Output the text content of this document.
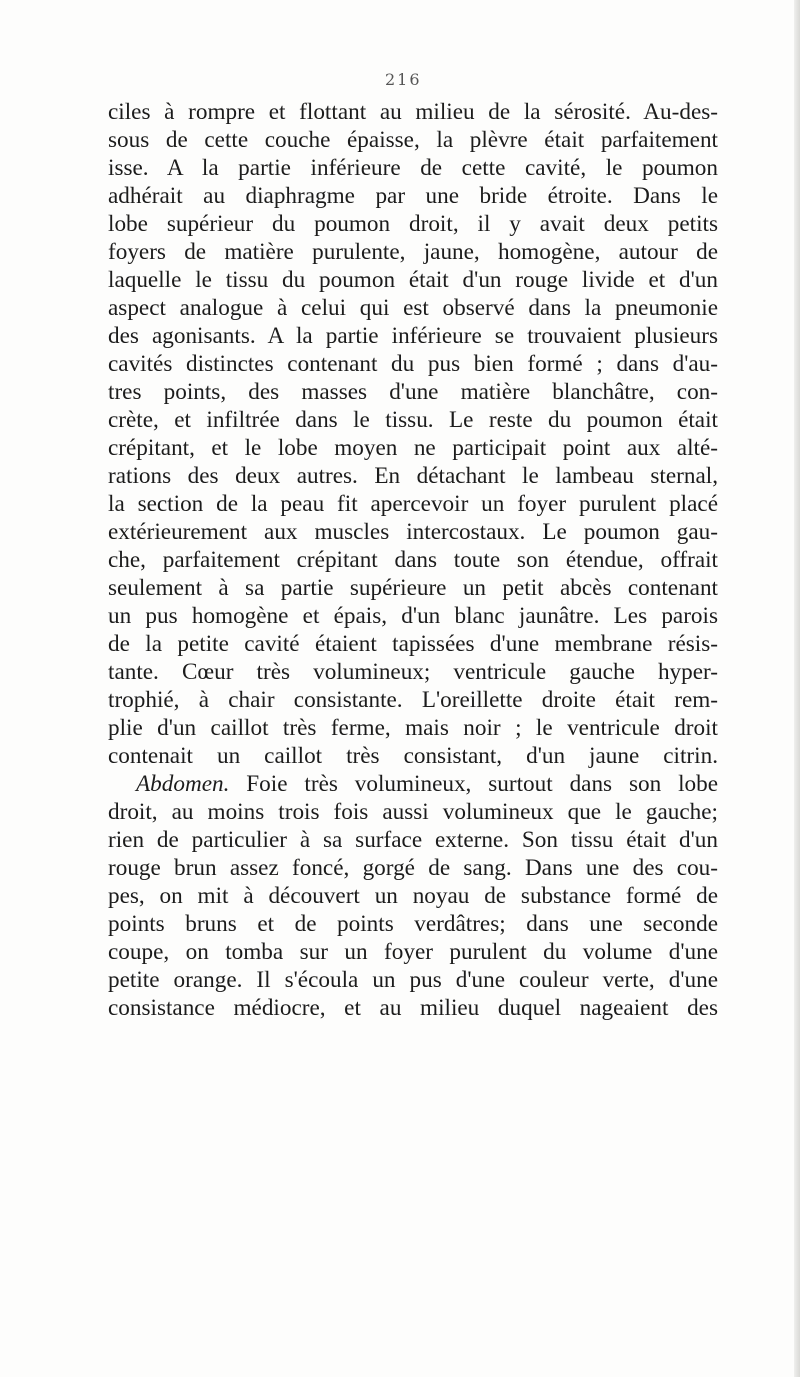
216
ciles à rompre et flottant au milieu de la sérosité. Au-des-
sous de cette couche épaisse, la plèvre était parfaitement
isse. A la partie inférieure de cette cavité, le poumon
adhérait au diaphragme par une bride étroite. Dans le
lobe supérieur du poumon droit, il y avait deux petits
foyers de matière purulente, jaune, homogène, autour de
laquelle le tissu du poumon était d'un rouge livide et d'un
aspect analogue à celui qui est observé dans la pneumonie
des agonisants. A la partie inférieure se trouvaient plusieurs
cavités distinctes contenant du pus bien formé ; dans d'au-
tres points, des masses d'une matière blanchâtre, con-
crète, et infiltrée dans le tissu. Le reste du poumon était
crépitant, et le lobe moyen ne participait point aux alté-
rations des deux autres. En détachant le lambeau sternal,
la section de la peau fit apercevoir un foyer purulent placé
extérieurement aux muscles intercostaux. Le poumon gau-
che, parfaitement crépitant dans toute son étendue, offrait
seulement à sa partie supérieure un petit abcès contenant
un pus homogène et épais, d'un blanc jaunâtre. Les parois
de la petite cavité étaient tapissées d'une membrane résis-
tante. Cœur très volumineux; ventricule gauche hyper-
trophié, à chair consistante. L'oreillette droite était rem-
plie d'un caillot très ferme, mais noir ; le ventricule droit
contenait un caillot très consistant, d'un jaune citrin.
Abdomen. Foie très volumineux, surtout dans son lobe
droit, au moins trois fois aussi volumineux que le gauche;
rien de particulier à sa surface externe. Son tissu était d'un
rouge brun assez foncé, gorgé de sang. Dans une des cou-
pes, on mit à découvert un noyau de substance formé de
points bruns et de points verdâtres; dans une seconde
coupe, on tomba sur un foyer purulent du volume d'une
petite orange. Il s'écoula un pus d'une couleur verte, d'une
consistance médiocre, et au milieu duquel nageaient des
